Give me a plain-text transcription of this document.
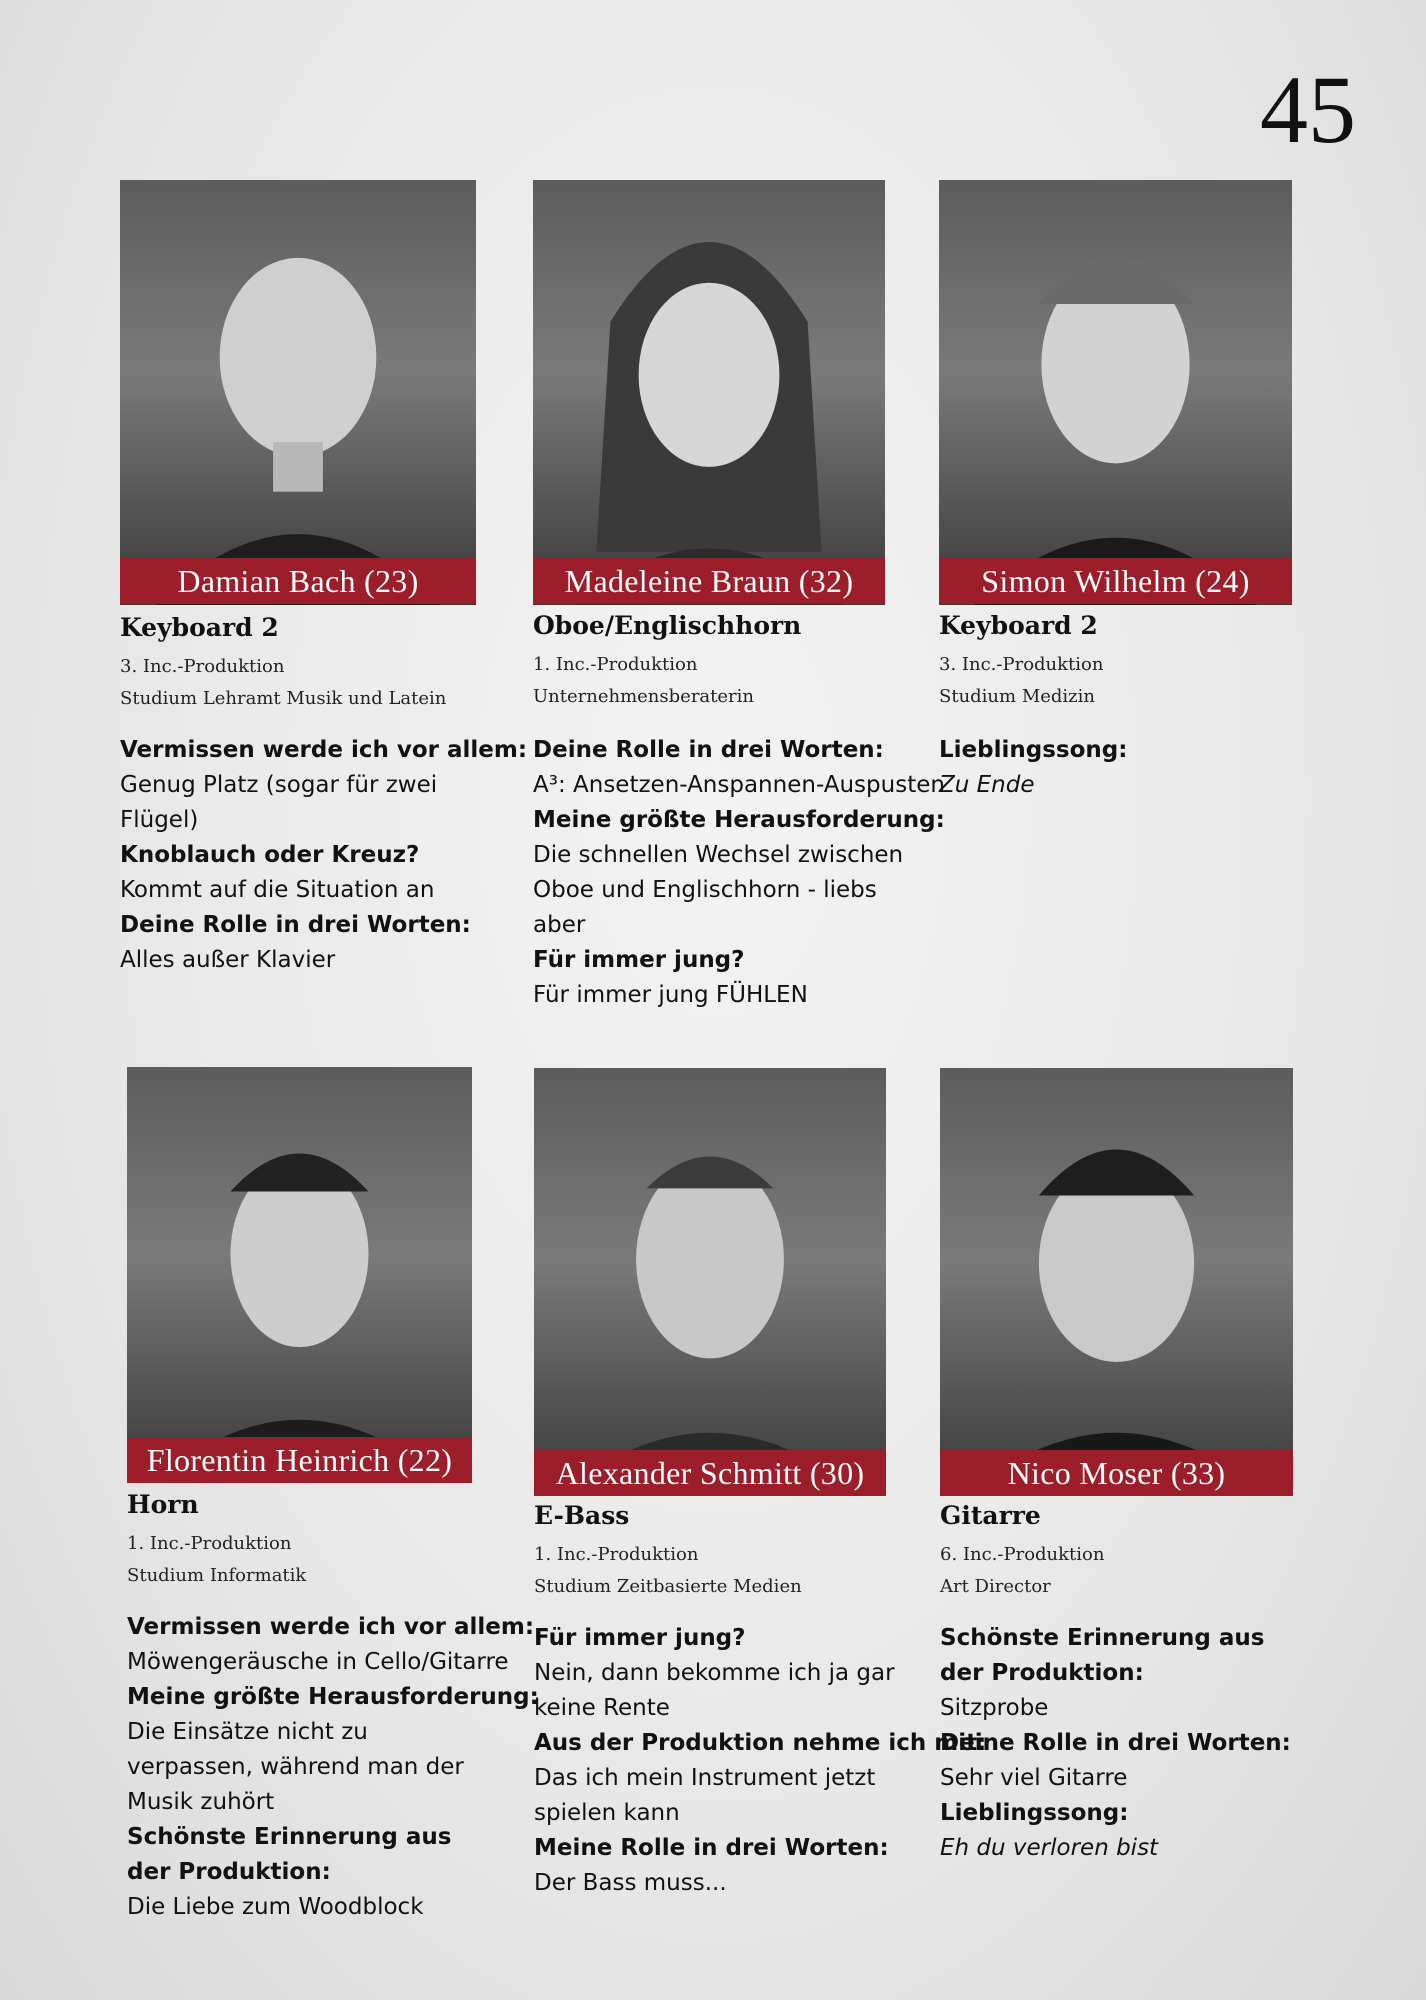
45
Damian Bach (23)
Keyboard 2
3. Inc.-Produktion
Studium Lehramt Musik und Latein
Vermissen werde ich vor allem:
Genug Platz (sogar für zwei Flügel)
Knoblauch oder Kreuz?
Kommt auf die Situation an
Deine Rolle in drei Worten:
Alles außer Klavier
Madeleine Braun (32)
Oboe/Englischhorn
1. Inc.-Produktion
Unternehmensberaterin
Deine Rolle in drei Worten:
A³: Ansetzen-Anspannen-Auspusten
Meine größte Herausforderung:
Die schnellen Wechsel zwischen Oboe und Englischhorn - liebs aber
Für immer jung?
Für immer jung FÜHLEN
Simon Wilhelm (24)
Keyboard 2
3. Inc.-Produktion
Studium Medizin
Lieblingssong:
Zu Ende
Florentin Heinrich (22)
Horn
1. Inc.-Produktion
Studium Informatik
Vermissen werde ich vor allem:
Möwengeräusche in Cello/Gitarre
Meine größte Herausforderung:
Die Einsätze nicht zu verpassen, während man der Musik zuhört
Schönste Erinnerung aus der Produktion:
Die Liebe zum Woodblock
Alexander Schmitt (30)
E-Bass
1. Inc.-Produktion
Studium Zeitbasierte Medien
Für immer jung?
Nein, dann bekomme ich ja gar keine Rente
Aus der Produktion nehme ich mit:
Das ich mein Instrument jetzt spielen kann
Meine Rolle in drei Worten:
Der Bass muss...
Nico Moser (33)
Gitarre
6. Inc.-Produktion
Art Director
Schönste Erinnerung aus der Produktion:
Sitzprobe
Deine Rolle in drei Worten:
Sehr viel Gitarre
Lieblingssong:
Eh du verloren bist
